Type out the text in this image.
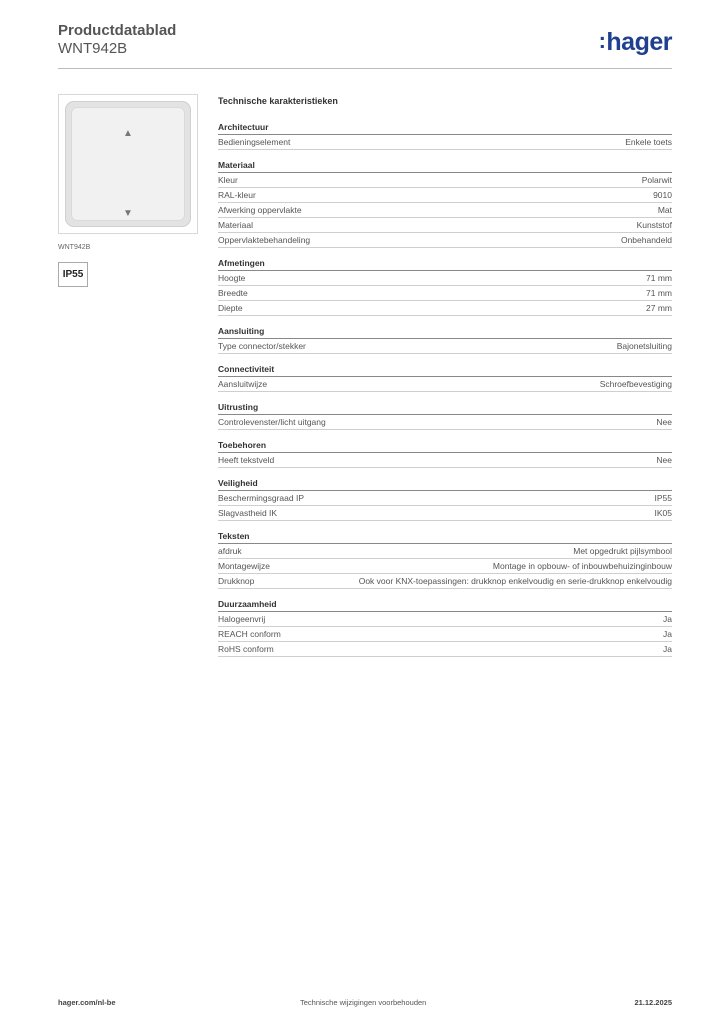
Productdatablad
WNT942B	:hager
▲
▼
WNT942B
IP55
Technische karakteristieken
Architectuur
Bedieningselement	Enkele toets
Materiaal
Kleur	Polarwit
RAL-kleur	9010
Afwerking oppervlakte	Mat
Materiaal	Kunststof
Oppervlaktebehandeling	Onbehandeld
Afmetingen
Hoogte	71 mm
Breedte	71 mm
Diepte	27 mm
Aansluiting
Type connector/stekker	Bajonetsluiting
Connectiviteit
Aansluitwijze	Schroefbevestiging
Uitrusting
Controlevenster/licht uitgang	Nee
Toebehoren
Heeft tekstveld	Nee
Veiligheid
Beschermingsgraad IP	IP55
Slagvastheid IK	IK05
Teksten
afdruk	Met opgedrukt pijlsymbool
Montagewijze	Montage in opbouw- of inbouwbehuizinginbouw
Drukknop	Ook voor KNX-toepassingen: drukknop enkelvoudig en serie-drukknop enkelvoudig
Duurzaamheid
Halogeenvrij	Ja
REACH conform	Ja
RoHS conform	Ja
hager.com/nl-be	Technische wijzigingen voorbehouden	21.12.2025
